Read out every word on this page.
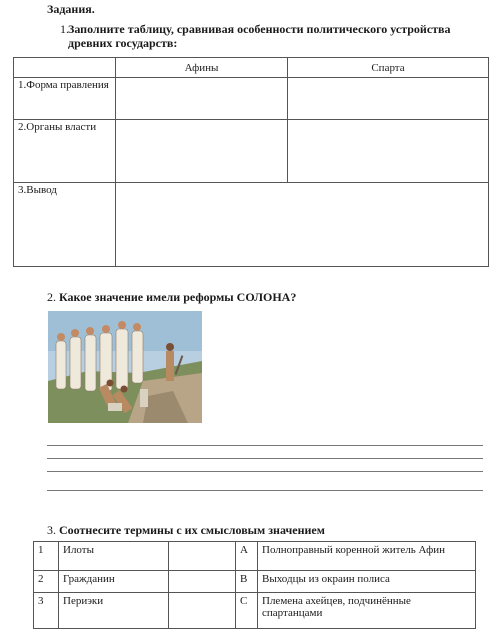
Задания.
1. Заполните таблицу, сравнивая особенности политического устройства древних государств:
	Афины	Спарта
1.Форма правления		
2.Органы власти		
3.Вывод		
2. Какое значение имели реформы СОЛОНА?
3. Соотнесите термины с их смысловым значением
1	Илоты		А	Полноправный коренной житель Афин
2	Гражданин		В	Выходцы из окраин полиса
3	Периэки		С	Племена ахейцев, подчинённые спартанцами
